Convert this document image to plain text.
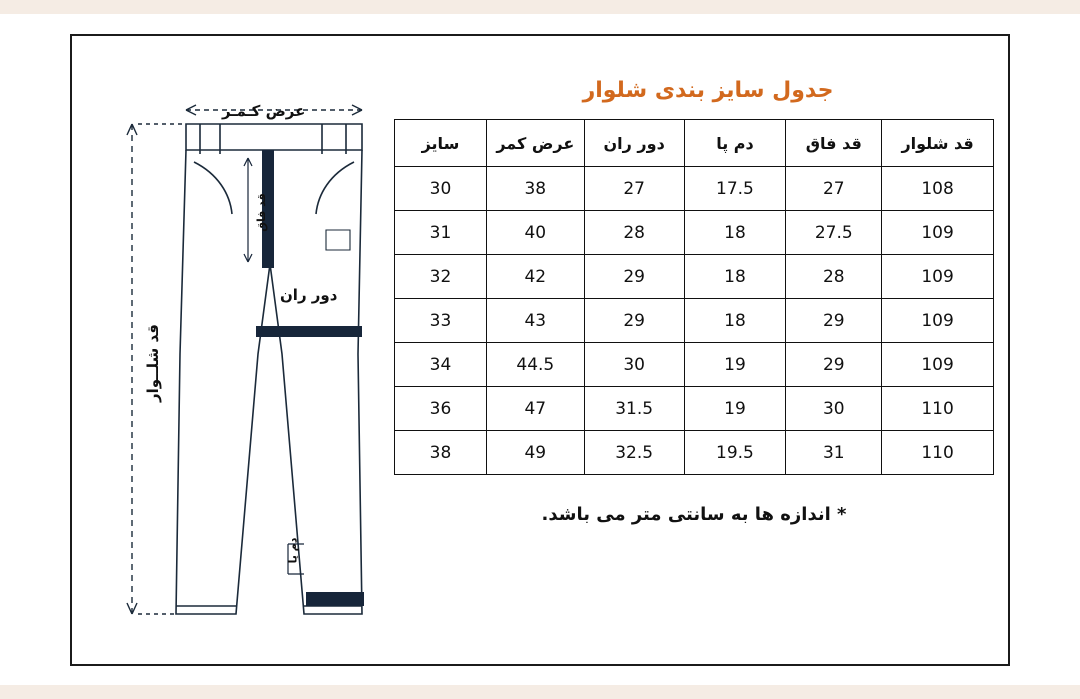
عرض کـمـر
دور ران
قد شلــوار
قد فاق
دم پا
جدول سایز بندی شلوار
قد شلوار	قد فاق	دم پا	دور ران	عرض كمر	سایز
108	27	17.5	27	38	30
109	27.5	18	28	40	31
109	28	18	29	42	32
109	29	18	29	43	33
109	29	19	30	44.5	34
110	30	19	31.5	47	36
110	31	19.5	32.5	49	38
* اندازه ها به سانتی متر می باشد.
